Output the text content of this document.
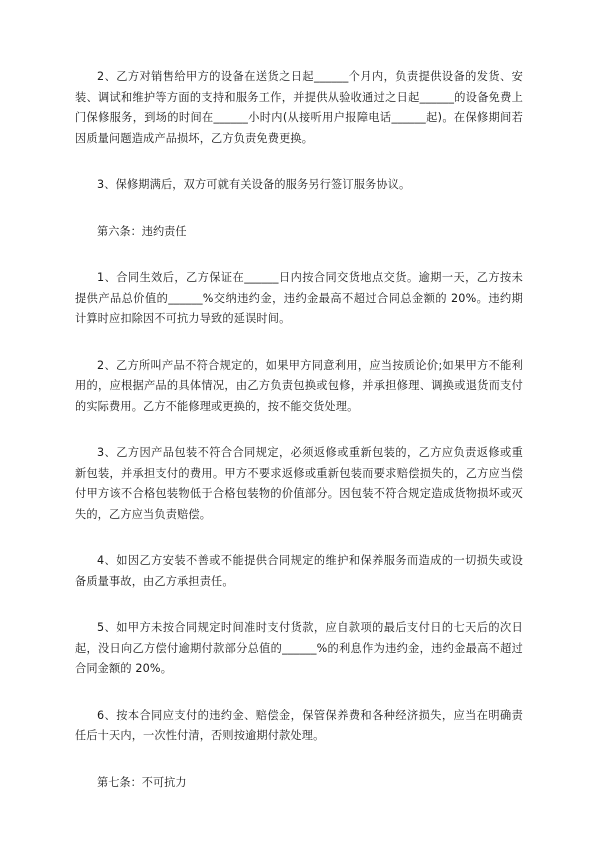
2、乙方对销售给甲方的设备在送货之日起______个月内，负责提供设备的发货、安装、调试和维护等方面的支持和服务工作，并提供从验收通过之日起______的设备免费上门保修服务，到场的时间在______小时内(从接听用户报障电话______起)。在保修期间若因质量问题造成产品损坏，乙方负责免费更换。

3、保修期满后，双方可就有关设备的服务另行签订服务协议。

第六条：违约责任

1、合同生效后，乙方保证在______日内按合同交货地点交货。逾期一天，乙方按未提供产品总价值的______%交纳违约金，违约金最高不超过合同总金额的 20%。违约期计算时应扣除因不可抗力导致的延误时间。

2、乙方所叫产品不符合规定的，如果甲方同意利用，应当按质论价;如果甲方不能利用的，应根据产品的具体情况，由乙方负责包换或包修，并承担修理、调换或退货而支付的实际费用。乙方不能修理或更换的，按不能交货处理。

3、乙方因产品包装不符合合同规定，必须返修或重新包装的，乙方应负责返修或重新包装，并承担支付的费用。甲方不要求返修或重新包装而要求赔偿损失的，乙方应当偿付甲方该不合格包装物低于合格包装物的价值部分。因包装不符合规定造成货物损坏或灭失的，乙方应当负责赔偿。

4、如因乙方安装不善或不能提供合同规定的维护和保养服务而造成的一切损失或设备质量事故，由乙方承担责任。

5、如甲方未按合同规定时间准时支付货款，应自款项的最后支付日的七天后的次日起，没日向乙方偿付逾期付款部分总值的______%的利息作为违约金，违约金最高不超过合同金额的 20%。

6、按本合同应支付的违约金、赔偿金，保管保养费和各种经济损失，应当在明确责任后十天内，一次性付清，否则按逾期付款处理。

第七条：不可抗力
